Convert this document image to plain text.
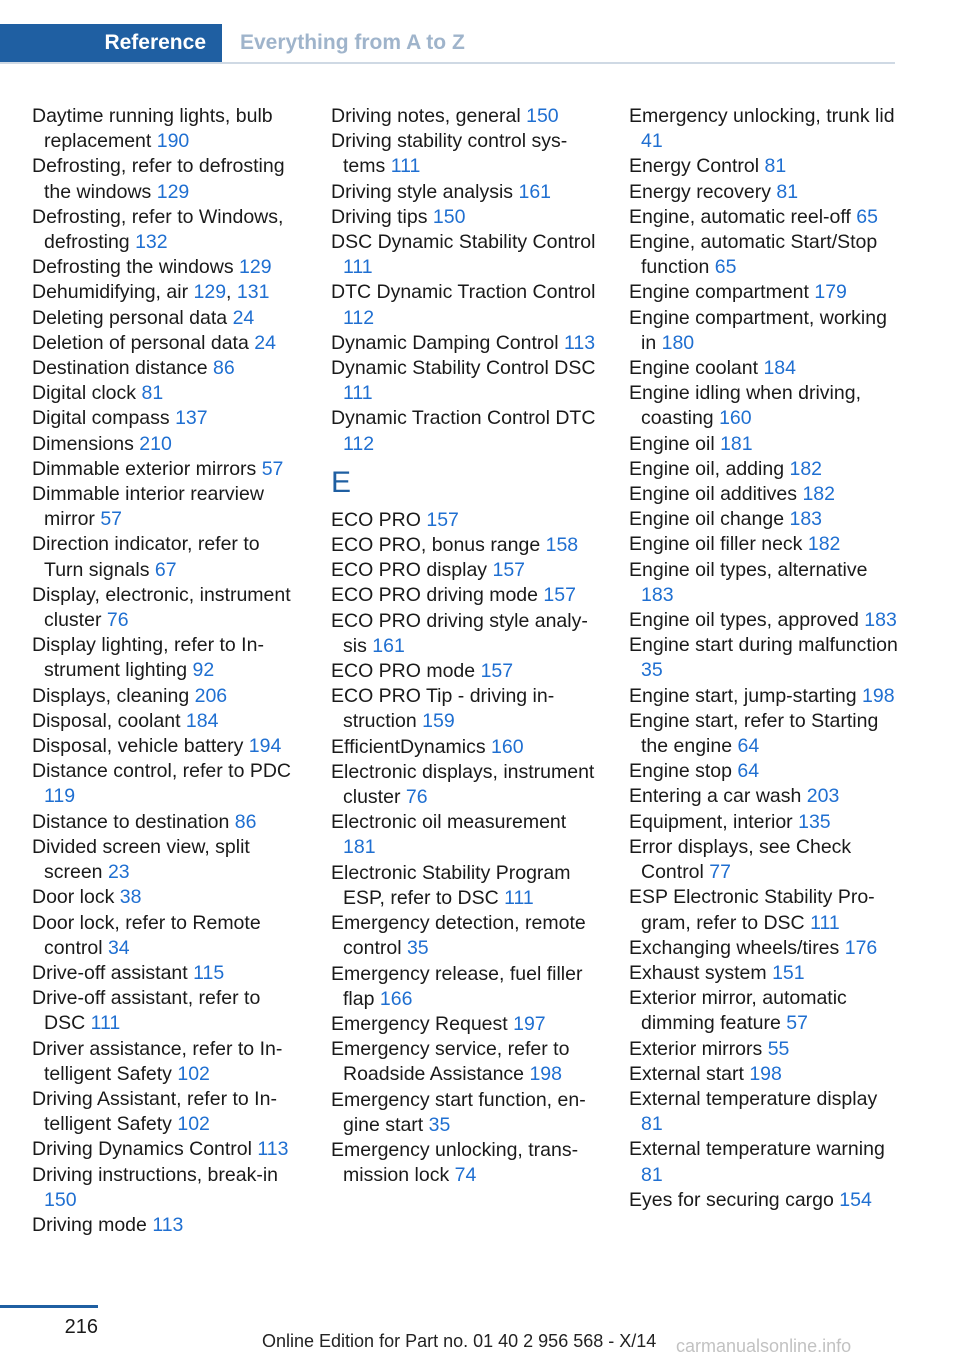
Reference Everything from A to Z
Daytime running lights, bulb replacement 190
Defrosting, refer to defrosting the windows 129
Defrosting, refer to Windows, defrosting 132
Defrosting the windows 129
Dehumidifying, air 129, 131
Deleting personal data 24
Deletion of personal data 24
Destination distance 86
Digital clock 81
Digital compass 137
Dimensions 210
Dimmable exterior mirrors 57
Dimmable interior rearview mirror 57
Direction indicator, refer to Turn signals 67
Display, electronic, instrument cluster 76
Display lighting, refer to Instrument lighting 92
Displays, cleaning 206
Disposal, coolant 184
Disposal, vehicle battery 194
Distance control, refer to PDC 119
Distance to destination 86
Divided screen view, split screen 23
Door lock 38
Door lock, refer to Remote control 34
Drive-off assistant 115
Drive-off assistant, refer to DSC 111
Driver assistance, refer to Intelligent Safety 102
Driving Assistant, refer to Intelligent Safety 102
Driving Dynamics Control 113
Driving instructions, break-in 150
Driving mode 113
Driving notes, general 150
Driving stability control systems 111
Driving style analysis 161
Driving tips 150
DSC Dynamic Stability Control 111
DTC Dynamic Traction Control 112
Dynamic Damping Control 113
Dynamic Stability Control DSC 111
Dynamic Traction Control DTC 112
E
ECO PRO 157
ECO PRO, bonus range 158
ECO PRO display 157
ECO PRO driving mode 157
ECO PRO driving style analysis 161
ECO PRO mode 157
ECO PRO Tip - driving instruction 159
EfficientDynamics 160
Electronic displays, instrument cluster 76
Electronic oil measurement 181
Electronic Stability Program ESP, refer to DSC 111
Emergency detection, remote control 35
Emergency release, fuel filler flap 166
Emergency Request 197
Emergency service, refer to Roadside Assistance 198
Emergency start function, engine start 35
Emergency unlocking, transmission lock 74
Emergency unlocking, trunk lid 41
Energy Control 81
Energy recovery 81
Engine, automatic reel-off 65
Engine, automatic Start/Stop function 65
Engine compartment 179
Engine compartment, working in 180
Engine coolant 184
Engine idling when driving, coasting 160
Engine oil 181
Engine oil, adding 182
Engine oil additives 182
Engine oil change 183
Engine oil filler neck 182
Engine oil types, alternative 183
Engine oil types, approved 183
Engine start during malfunction 35
Engine start, jump-starting 198
Engine start, refer to Starting the engine 64
Engine stop 64
Entering a car wash 203
Equipment, interior 135
Error displays, see Check Control 77
ESP Electronic Stability Program, refer to DSC 111
Exchanging wheels/tires 176
Exhaust system 151
Exterior mirror, automatic dimming feature 57
Exterior mirrors 55
External start 198
External temperature display 81
External temperature warning 81
Eyes for securing cargo 154
216
Online Edition for Part no. 01 40 2 956 568 - X/14 carmanualsonline.info
